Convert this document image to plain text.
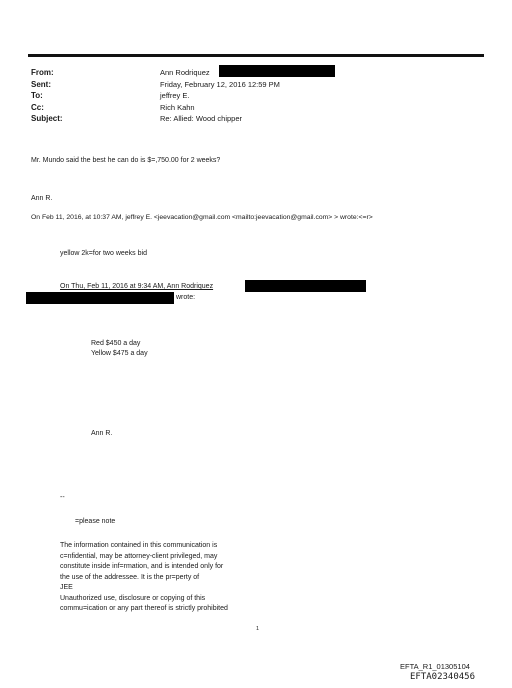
From:
Sent:
To:
Cc:
Subject:
Ann Rodriquez
Friday, February 12, 2016 12:59 PM
jeffrey E.
Rich Kahn
Re: Allied: Wood chipper
Mr. Mundo said the best he can do is $=,750.00 for 2 weeks?
Ann R.
On Feb 11, 2016, at 10:37 AM, jeffrey E. <jeevacation@gmail.com <mailto:jeevacation@gmail.com> > wrote:<=r>
yellow 2k=for two weeks bid
On Thu, Feb 11, 2016 at 9:34 AM, Ann Rodriquez
wrote:
Red $450 a day
Yellow $475 a day
Ann R.
--
=please note
The information contained in this communication is
c=nfidential, may be attorney-client privileged, may
constitute inside inf=rmation, and is intended only for
the use of the addressee. It is the pr=perty of
JEE
Unauthorized use, disclosure or copying of this
commu=ication or any part thereof is strictly prohibited
1
EFTA_R1_01305104
EFTA02340456
